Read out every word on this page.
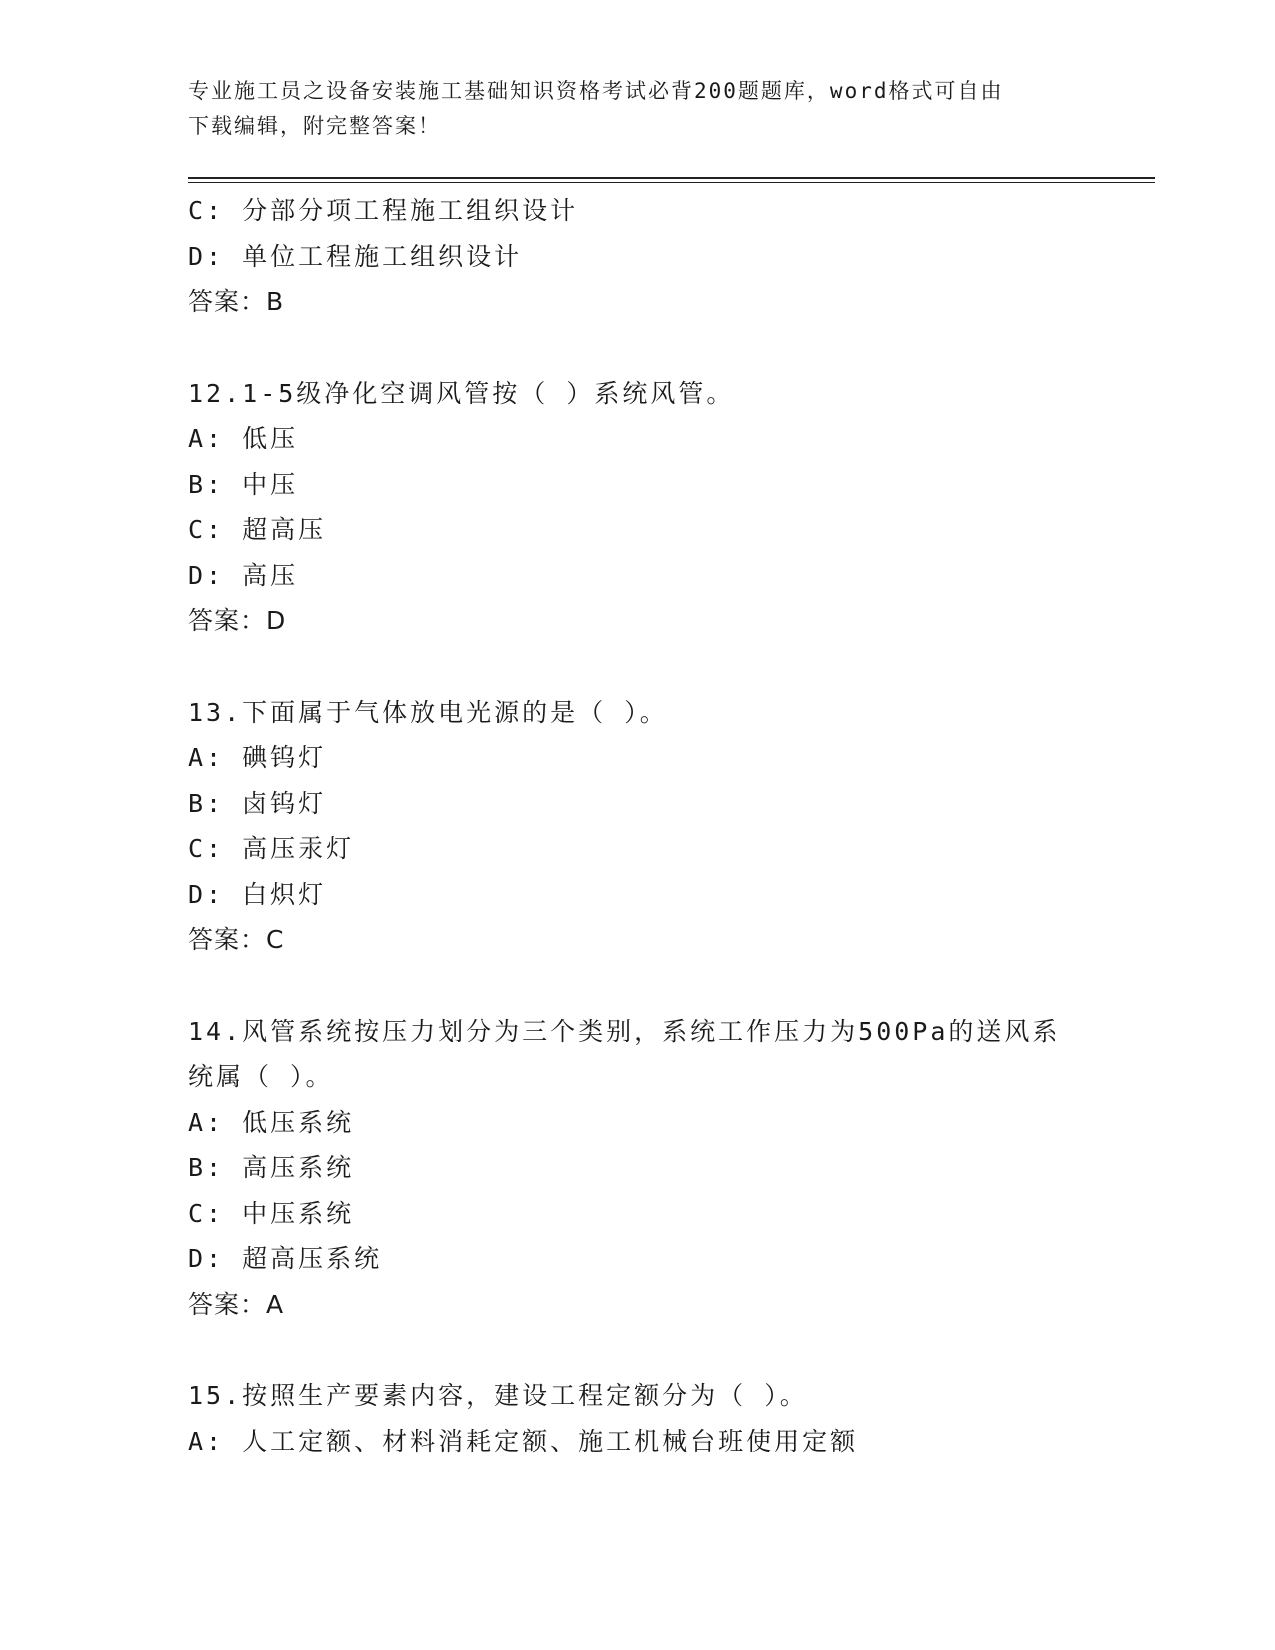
专业施工员之设备安装施工基础知识资格考试必背200题题库，word格式可自由
下载编辑，附完整答案！
C: 分部分项工程施工组织设计
D: 单位工程施工组织设计
答案：B
12.1-5级净化空调风管按（ ）系统风管。
A: 低压
B: 中压
C: 超高压
D: 高压
答案：D
13.下面属于气体放电光源的是（ ）。
A: 碘钨灯
B: 卤钨灯
C: 高压汞灯
D: 白炽灯
答案：C
14.风管系统按压力划分为三个类别，系统工作压力为500Pa的送风系
统属（ ）。
A: 低压系统
B: 高压系统
C: 中压系统
D: 超高压系统
答案：A
15.按照生产要素内容，建设工程定额分为（ ）。
A: 人工定额、材料消耗定额、施工机械台班使用定额
